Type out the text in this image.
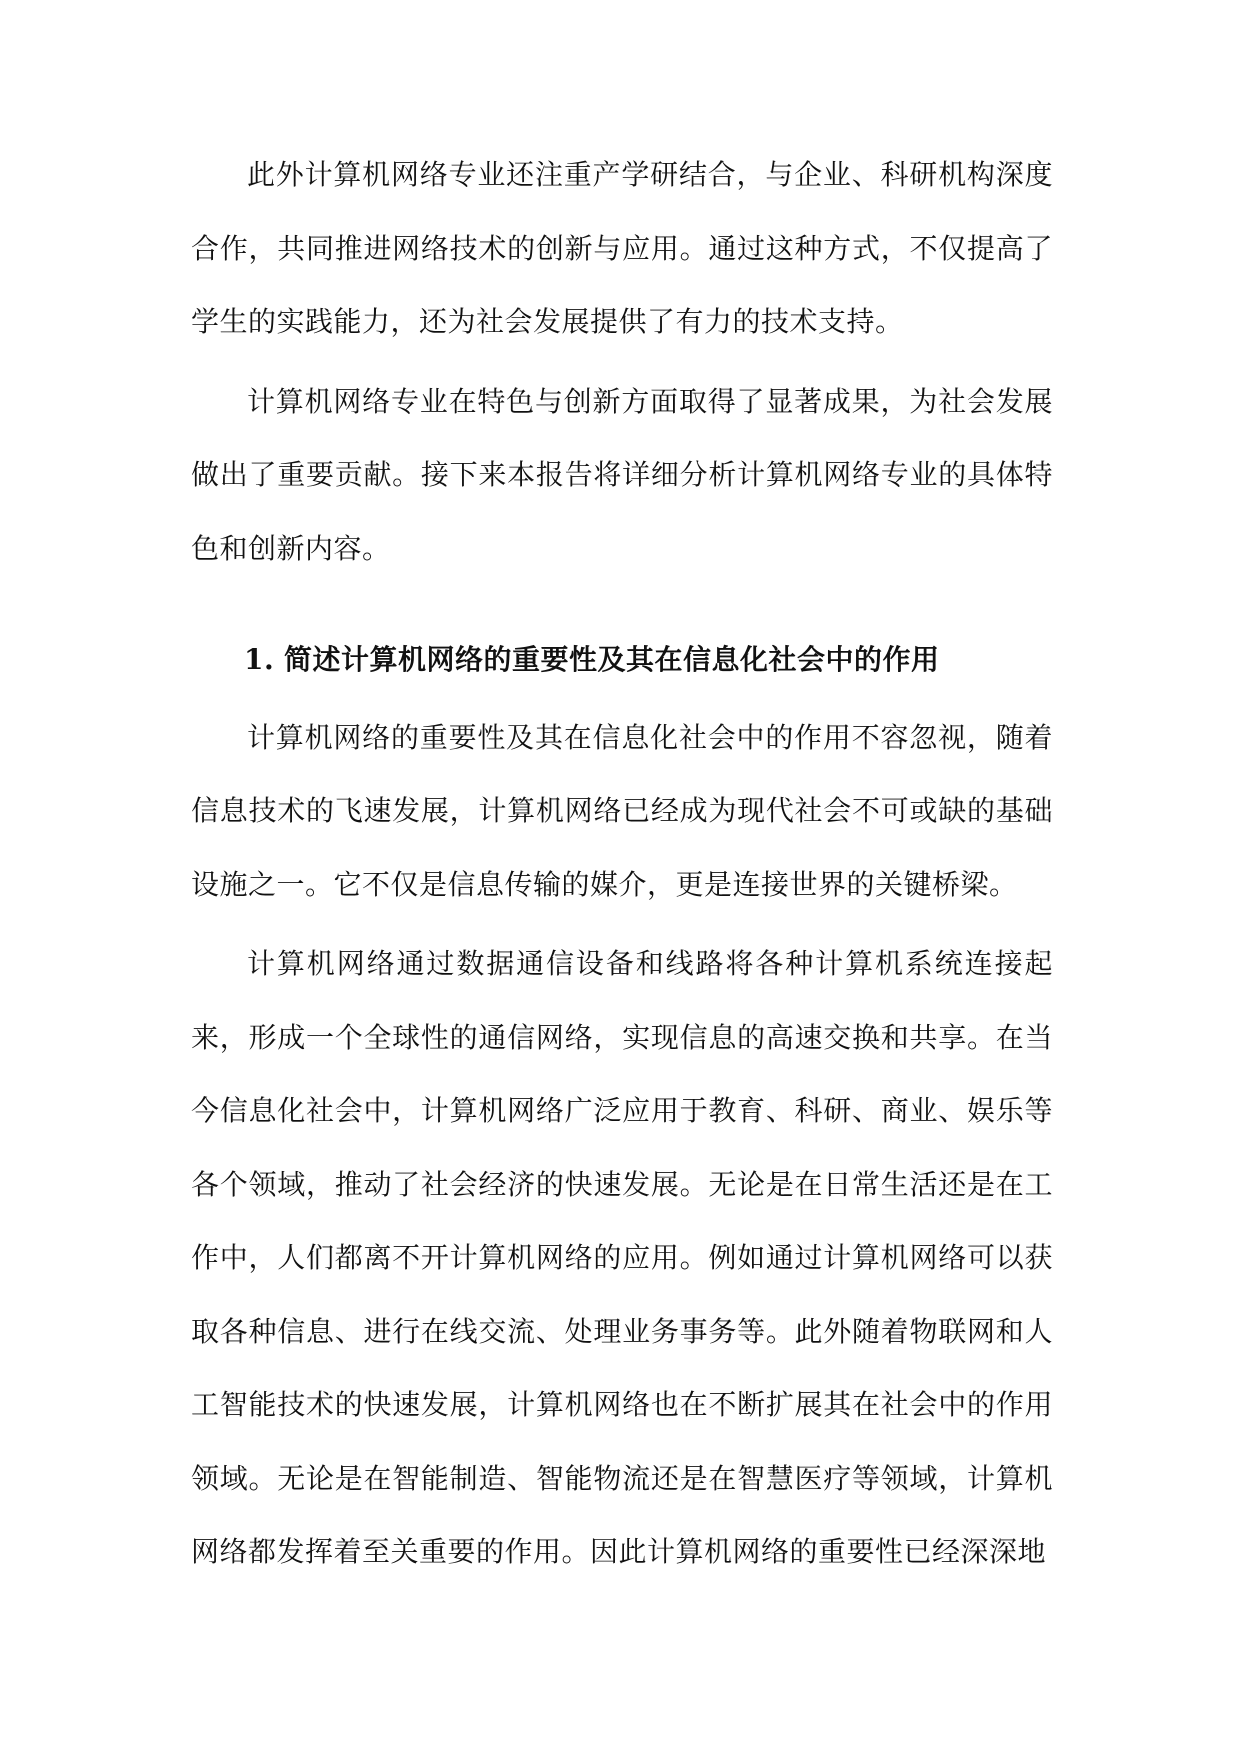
此外计算机网络专业还注重产学研结合，与企业、科研机构深度合作，共同推进网络技术的创新与应用。通过这种方式，不仅提高了学生的实践能力，还为社会发展提供了有力的技术支持。

计算机网络专业在特色与创新方面取得了显著成果，为社会发展做出了重要贡献。接下来本报告将详细分析计算机网络专业的具体特色和创新内容。

1. 简述计算机网络的重要性及其在信息化社会中的作用

计算机网络的重要性及其在信息化社会中的作用不容忽视，随着信息技术的飞速发展，计算机网络已经成为现代社会不可或缺的基础设施之一。它不仅是信息传输的媒介，更是连接世界的关键桥梁。

计算机网络通过数据通信设备和线路将各种计算机系统连接起来，形成一个全球性的通信网络，实现信息的高速交换和共享。在当今信息化社会中，计算机网络广泛应用于教育、科研、商业、娱乐等各个领域，推动了社会经济的快速发展。无论是在日常生活还是在工作中，人们都离不开计算机网络的应用。例如通过计算机网络可以获取各种信息、进行在线交流、处理业务事务等。此外随着物联网和人工智能技术的快速发展，计算机网络也在不断扩展其在社会中的作用领域。无论是在智能制造、智能物流还是在智慧医疗等领域，计算机网络都发挥着至关重要的作用。因此计算机网络的重要性已经深深地
